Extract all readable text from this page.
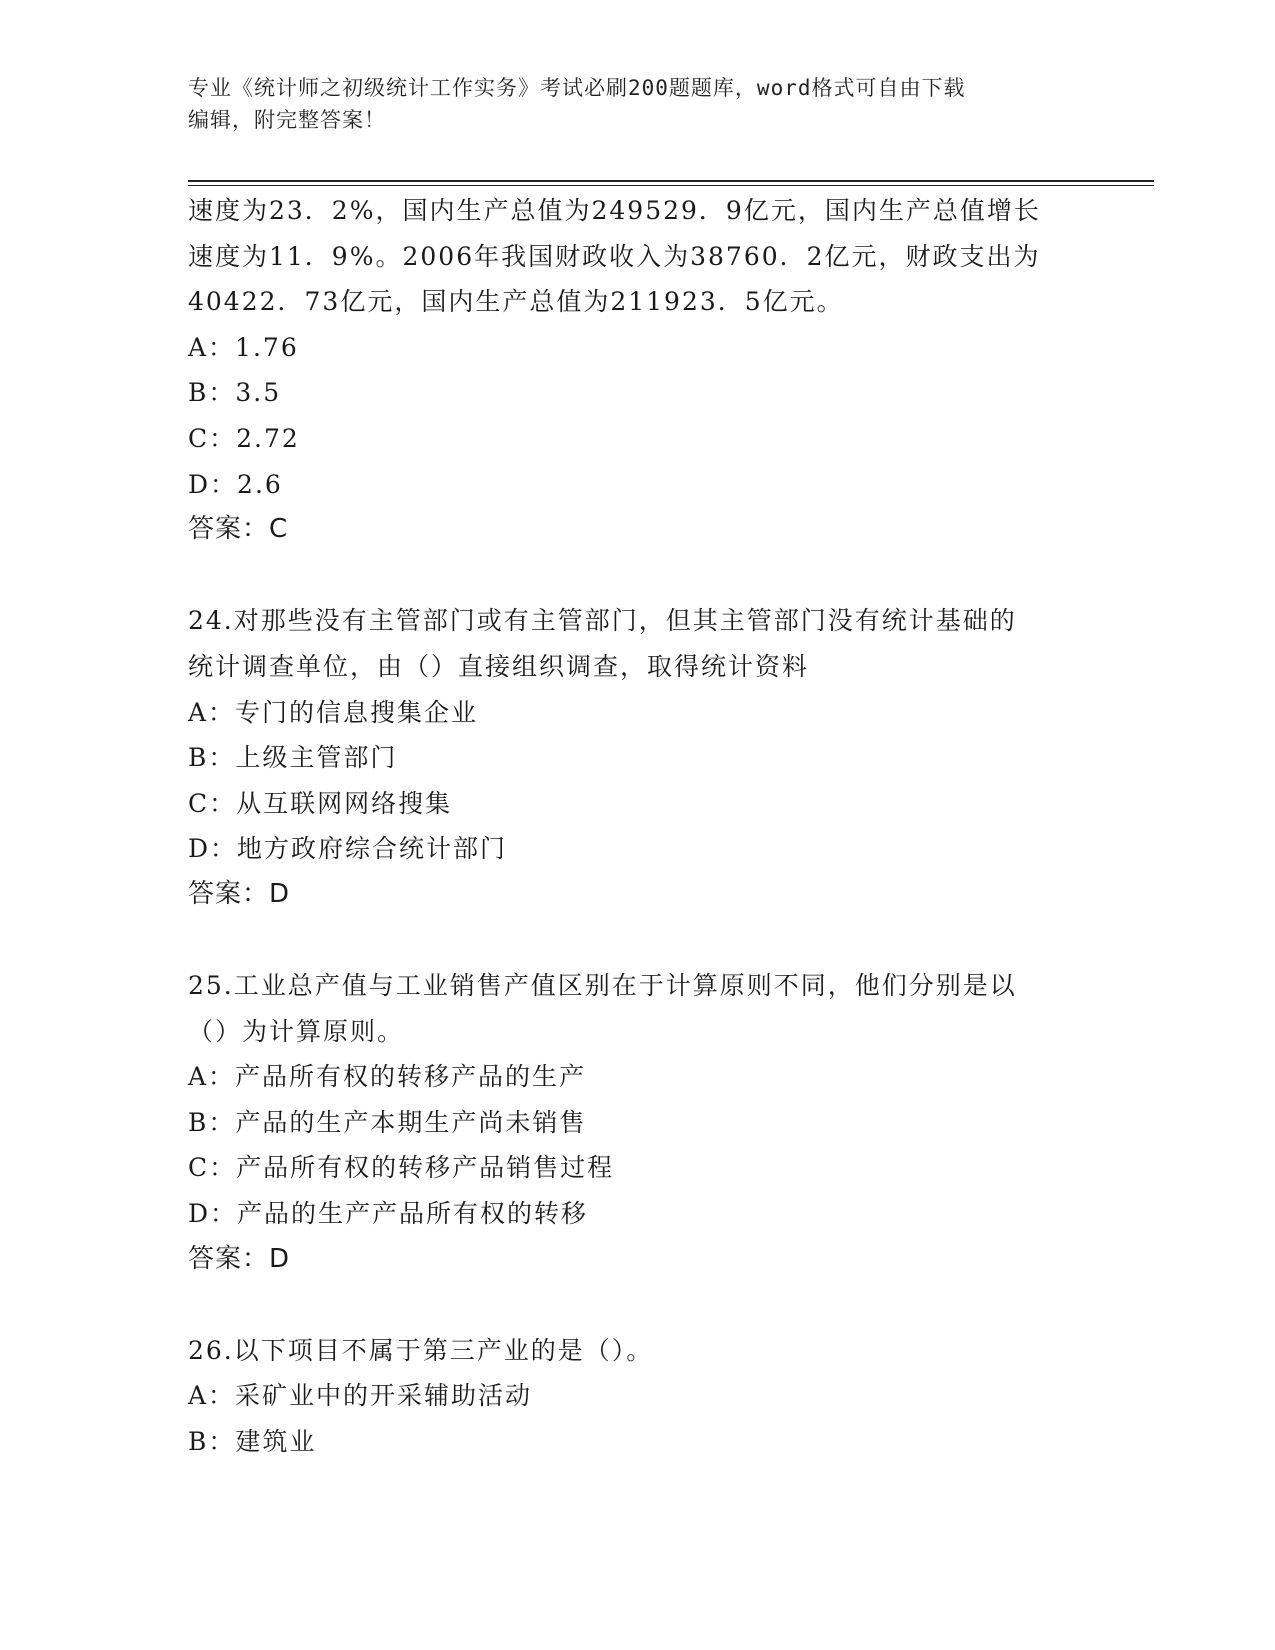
专业《统计师之初级统计工作实务》考试必刷200题题库，word格式可自由下载
编辑，附完整答案！
速度为23．2%，国内生产总值为249529．9亿元，国内生产总值增长
速度为11．9%。2006年我国财政收入为38760．2亿元，财政支出为
40422．73亿元，国内生产总值为211923．5亿元。
A：1.76
B：3.5
C：2.72
D：2.6
答案：C
24.对那些没有主管部门或有主管部门，但其主管部门没有统计基础的
统计调查单位，由（）直接组织调查，取得统计资料
A：专门的信息搜集企业
B：上级主管部门
C：从互联网网络搜集
D：地方政府综合统计部门
答案：D
25.工业总产值与工业销售产值区别在于计算原则不同，他们分别是以
（）为计算原则。
A：产品所有权的转移产品的生产
B：产品的生产本期生产尚未销售
C：产品所有权的转移产品销售过程
D：产品的生产产品所有权的转移
答案：D
26.以下项目不属于第三产业的是（）。
A：采矿业中的开采辅助活动
B：建筑业
